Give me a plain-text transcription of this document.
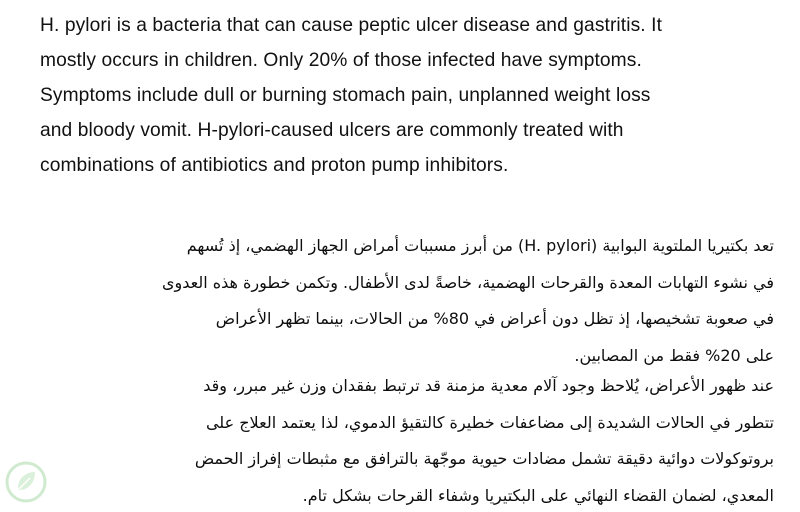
H. pylori is a bacteria that can cause peptic ulcer disease and gastritis. It
mostly occurs in children. Only 20% of those infected have symptoms.
Symptoms include dull or burning stomach pain, unplanned weight loss
and bloody vomit. H-pylori-caused ulcers are commonly treated with
combinations of antibiotics and proton pump inhibitors.
تعد بكتيريا الملتوية البوابية (H. pylori) من أبرز مسببات أمراض الجهاز الهضمي، إذ تُسهم
في نشوء التهابات المعدة والقرحات الهضمية، خاصةً لدى الأطفال. وتكمن خطورة هذه العدوى
في صعوبة تشخيصها، إذ تظل دون أعراض في 80% من الحالات، بينما تظهر الأعراض
على 20% فقط من المصابين.
عند ظهور الأعراض، يُلاحظ وجود آلام معدية مزمنة قد ترتبط بفقدان وزن غير مبرر، وقد
تتطور في الحالات الشديدة إلى مضاعفات خطيرة كالتقيؤ الدموي، لذا يعتمد العلاج على
بروتوكولات دوائية دقيقة تشمل مضادات حيوية موجّهة بالترافق مع مثبطات إفراز الحمض
المعدي، لضمان القضاء النهائي على البكتيريا وشفاء القرحات بشكل تام.
